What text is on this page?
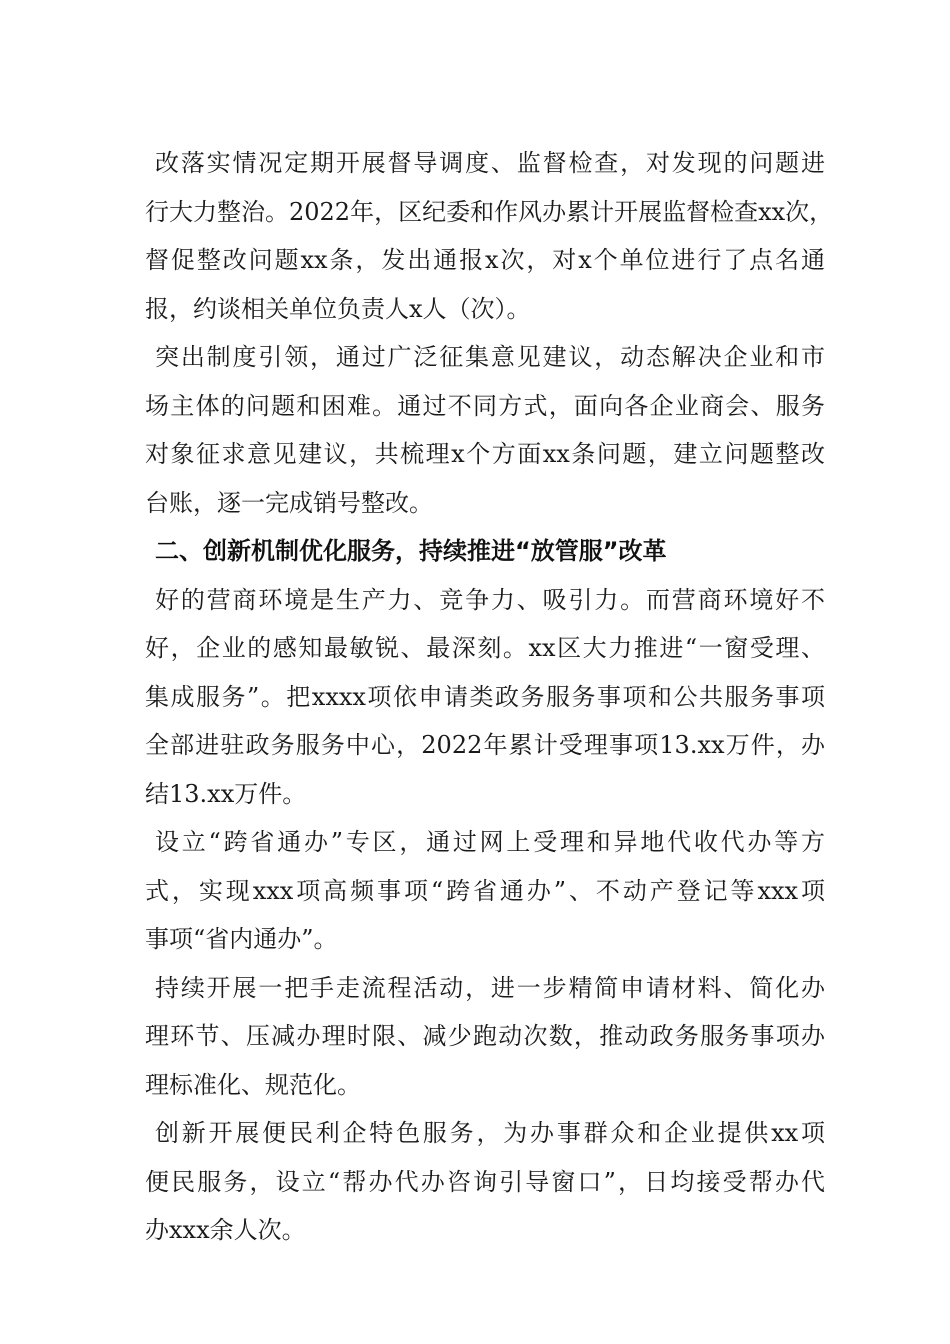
改落实情况定期开展督导调度、监督检查，对发现的问题进
行大力整治。2022年，区纪委和作风办累计开展监督检查xx次，
督促整改问题xx条，发出通报x次，对x个单位进行了点名通
报，约谈相关单位负责人x人（次）。
突出制度引领，通过广泛征集意见建议，动态解决企业和市
场主体的问题和困难。通过不同方式，面向各企业商会、服务
对象征求意见建议，共梳理x个方面xx条问题，建立问题整改
台账，逐一完成销号整改。
二、创新机制优化服务，持续推进“放管服”改革
好的营商环境是生产力、竞争力、吸引力。而营商环境好不
好，企业的感知最敏锐、最深刻。xx区大力推进“一窗受理、
集成服务”。把xxxx项依申请类政务服务事项和公共服务事项
全部进驻政务服务中心，2022年累计受理事项13.xx万件，办
结13.xx万件。
设立“跨省通办”专区，通过网上受理和异地代收代办等方
式，实现xxx项高频事项“跨省通办”、不动产登记等xxx项
事项“省内通办”。
持续开展一把手走流程活动，进一步精简申请材料、简化办
理环节、压减办理时限、减少跑动次数，推动政务服务事项办
理标准化、规范化。
创新开展便民利企特色服务，为办事群众和企业提供xx项
便民服务，设立“帮办代办咨询引导窗口”，日均接受帮办代
办xxx余人次。
